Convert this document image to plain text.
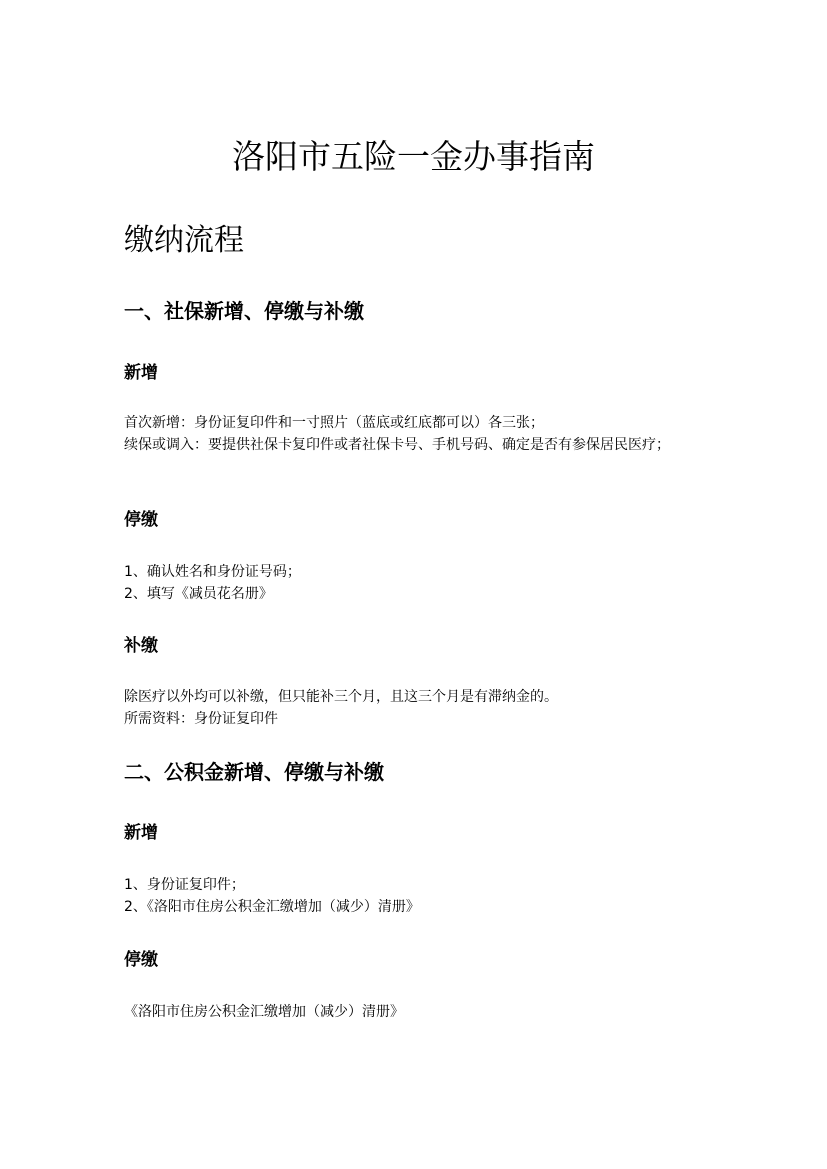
洛阳市五险一金办事指南
缴纳流程
一、社保新增、停缴与补缴
新增

首次新增：身份证复印件和一寸照片（蓝底或红底都可以）各三张；

续保或调入：要提供社保卡复印件或者社保卡号、手机号码、确定是否有参保居民医疗；

停缴

1、确认姓名和身份证号码；

2、填写《减员花名册》

补缴

除医疗以外均可以补缴，但只能补三个月，且这三个月是有滞纳金的。

所需资料：身份证复印件

二、公积金新增、停缴与补缴
新增

1、身份证复印件；

2、《洛阳市住房公积金汇缴增加（减少）清册》

停缴

《洛阳市住房公积金汇缴增加（减少）清册》
